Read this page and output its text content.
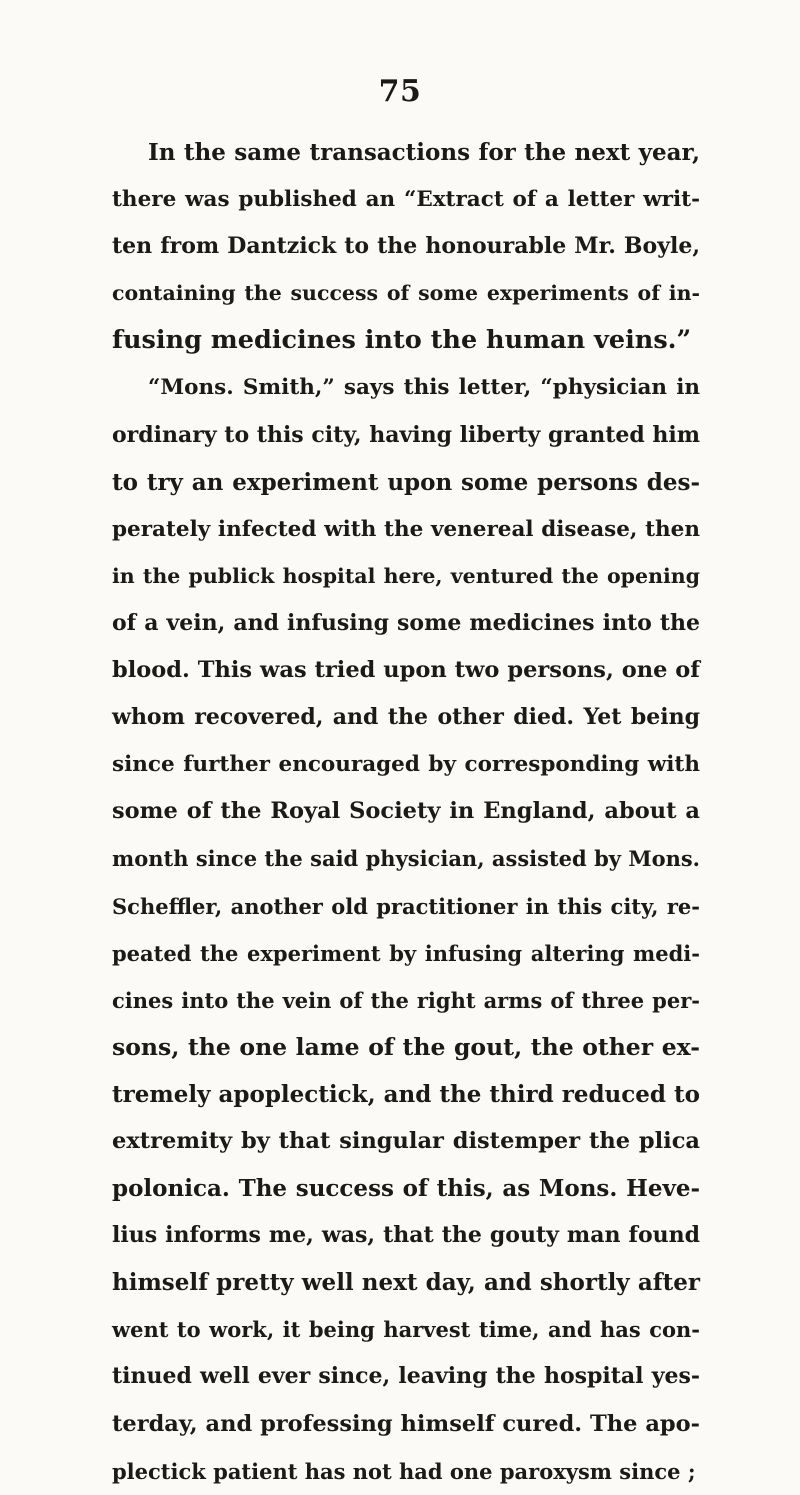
75
In the same transactions for the next year,
there was published an “Extract of a letter writ-
ten from Dantzick to the honourable Mr. Boyle,
containing the success of some experiments of in-
fusing medicines into the human veins.”
“Mons. Smith,” says this letter, “physician in
ordinary to this city, having liberty granted him
to try an experiment upon some persons des-
perately infected with the venereal disease, then
in the publick hospital here, ventured the opening
of a vein, and infusing some medicines into the
blood. This was tried upon two persons, one of
whom recovered, and the other died. Yet being
since further encouraged by corresponding with
some of the Royal Society in England, about a
month since the said physician, assisted by Mons.
Scheffler, another old practitioner in this city, re-
peated the experiment by infusing altering medi-
cines into the vein of the right arms of three per-
sons, the one lame of the gout, the other ex-
tremely apoplectick, and the third reduced to
extremity by that singular distemper the plica
polonica. The success of this, as Mons. Heve-
lius informs me, was, that the gouty man found
himself pretty well next day, and shortly after
went to work, it being harvest time, and has con-
tinued well ever since, leaving the hospital yes-
terday, and professing himself cured. The apo-
plectick patient has not had one paroxysm since ;
